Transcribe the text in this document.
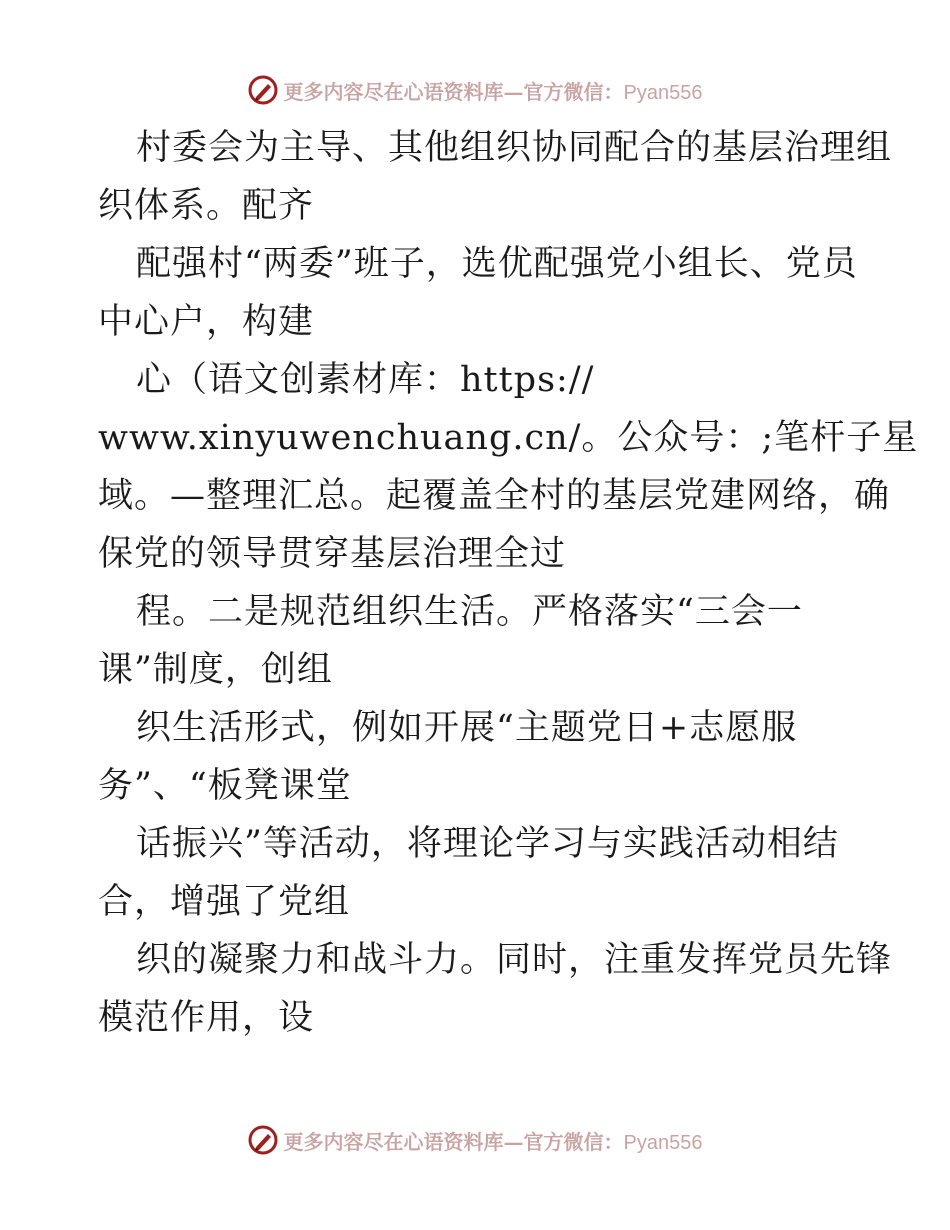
更多内容尽在心语资料库—官方微信：Pyan556
村委会为主导、其他组织协同配合的基层治理组
织体系。配齐
配强村“两委”班子，选优配强党小组长、党员
中心户，构建
心（语文创素材库：https://
www.xinyuwenchuang.cn/。公众号：;笔杆子星
域。—整理汇总。起覆盖全村的基层党建网络，确
保党的领导贯穿基层治理全过
程。二是规范组织生活。严格落实“三会一
课”制度，创组
织生活形式，例如开展“主题党日+志愿服
务”、“板凳课堂
话振兴”等活动，将理论学习与实践活动相结
合，增强了党组
织的凝聚力和战斗力。同时，注重发挥党员先锋
模范作用，设
更多内容尽在心语资料库—官方微信：Pyan556
